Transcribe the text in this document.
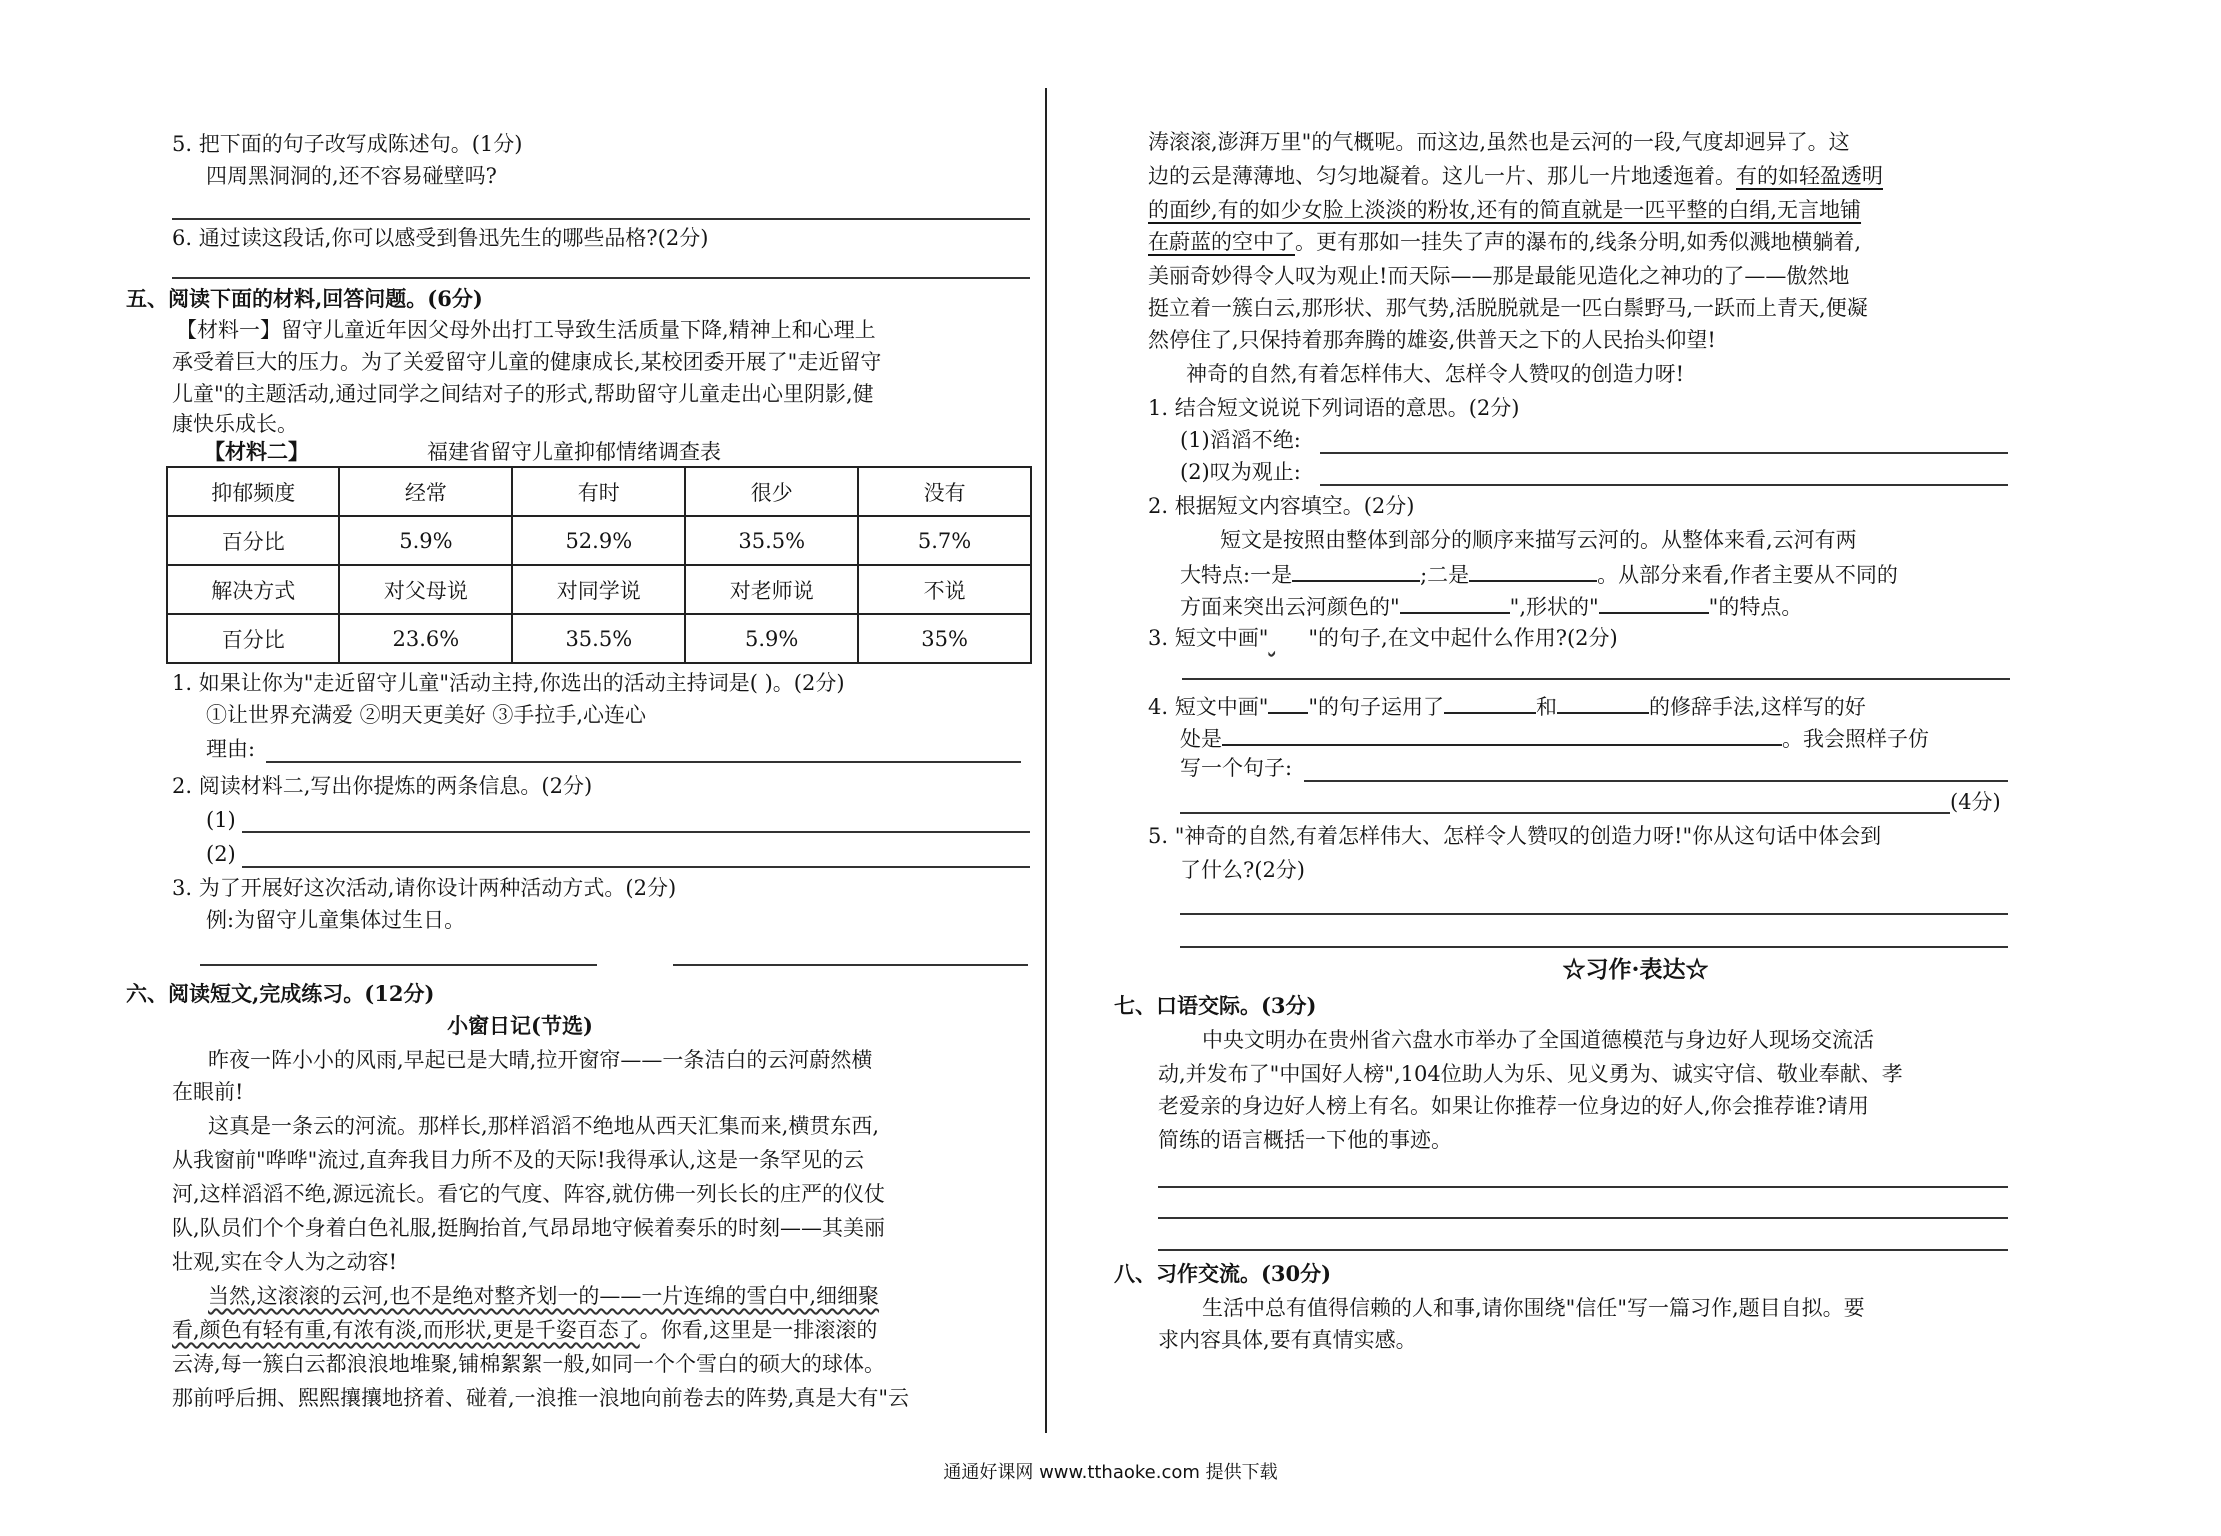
5. 把下面的句子改写成陈述句。(1分)
四周黑洞洞的,还不容易碰壁吗?
6. 通过读这段话,你可以感受到鲁迅先生的哪些品格?(2分)
五、阅读下面的材料,回答问题。(6分)
【材料一】留守儿童近年因父母外出打工导致生活质量下降,精神上和心理上
承受着巨大的压力。为了关爱留守儿童的健康成长,某校团委开展了"走近留守
儿童"的主题活动,通过同学之间结对子的形式,帮助留守儿童走出心里阴影,健
康快乐成长。
【材料二】	福建省留守儿童抑郁情绪调查表
抑郁频度	经常	有时	很少	没有
百分比	5.9%	52.9%	35.5%	5.7%
解决方式	对父母说	对同学说	对老师说	不说
百分比	23.6%	35.5%	5.9%	35%
1. 如果让你为"走近留守儿童"活动主持,你选出的活动主持词是( )。(2分)
①让世界充满爱 ②明天更美好 ③手拉手,心连心
理由:
2. 阅读材料二,写出你提炼的两条信息。(2分)
(1)
(2)
3. 为了开展好这次活动,请你设计两种活动方式。(2分)
例:为留守儿童集体过生日。
六、阅读短文,完成练习。(12分)
小窗日记(节选)
昨夜一阵小小的风雨,早起已是大晴,拉开窗帘——一条洁白的云河蔚然横
在眼前!
这真是一条云的河流。那样长,那样滔滔不绝地从西天汇集而来,横贯东西,
从我窗前"哗哗"流过,直奔我目力所不及的天际!我得承认,这是一条罕见的云
河,这样滔滔不绝,源远流长。看它的气度、阵容,就仿佛一列长长的庄严的仪仗
队,队员们个个身着白色礼服,挺胸抬首,气昂昂地守候着奏乐的时刻——其美丽
壮观,实在令人为之动容!
当然,这滚滚的云河,也不是绝对整齐划一的——一片连绵的雪白中,细细聚
看,颜色有轻有重,有浓有淡,而形状,更是千姿百态了。你看,这里是一排滚滚的
云涛,每一簇白云都浪浪地堆聚,铺棉絮絮一般,如同一个个雪白的硕大的球体。
那前呼后拥、熙熙攘攘地挤着、碰着,一浪推一浪地向前卷去的阵势,真是大有"云
涛滚滚,澎湃万里"的气概呢。而这边,虽然也是云河的一段,气度却迥异了。这
边的云是薄薄地、匀匀地凝着。这儿一片、那儿一片地逶迤着。有的如轻盈透明
的面纱,有的如少女脸上淡淡的粉妆,还有的简直就是一匹平整的白绢,无言地铺
在蔚蓝的空中了。更有那如一挂失了声的瀑布的,线条分明,如秀似溅地横躺着,
美丽奇妙得令人叹为观止!而天际——那是最能见造化之神功的了——傲然地
挺立着一簇白云,那形状、那气势,活脱脱就是一匹白鬃野马,一跃而上青天,便凝
然停住了,只保持着那奔腾的雄姿,供普天之下的人民抬头仰望!
神奇的自然,有着怎样伟大、怎样令人赞叹的创造力呀!
1. 结合短文说说下列词语的意思。(2分)
(1)滔滔不绝:
(2)叹为观止:
2. 根据短文内容填空。(2分)
短文是按照由整体到部分的顺序来描写云河的。从整体来看,云河有两
大特点:一是	;二是	。从部分来看,作者主要从不同的
方面来突出云河颜色的"	",形状的"	"的特点。
3. 短文中画" "的句子,在文中起什么作用?(2分)
4. 短文中画" "的句子运用了	和	的修辞手法,这样写的好
处是	。我会照样子仿
写一个句子:
(4分)
5. "神奇的自然,有着怎样伟大、怎样令人赞叹的创造力呀!"你从这句话中体会到
了什么?(2分)
☆习作·表达☆
七、口语交际。(3分)
中央文明办在贵州省六盘水市举办了全国道德模范与身边好人现场交流活
动,并发布了"中国好人榜",104位助人为乐、见义勇为、诚实守信、敬业奉献、孝
老爱亲的身边好人榜上有名。如果让你推荐一位身边的好人,你会推荐谁?请用
简练的语言概括一下他的事迹。
八、习作交流。(30分)
生活中总有值得信赖的人和事,请你围绕"信任"写一篇习作,题目自拟。要
求内容具体,要有真情实感。
通通好课网 www.tthaoke.com 提供下载
